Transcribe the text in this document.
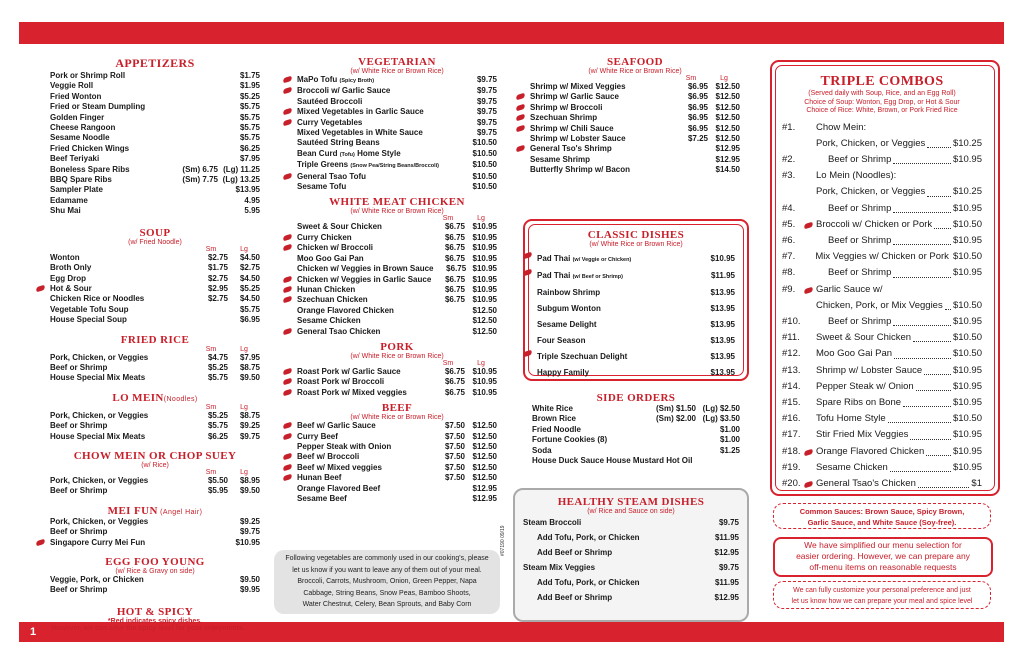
1
APPETIZERS
Pork or Shrimp Roll	$1.75
Veggie Roll	$1.95
Fried Wonton	$5.25
Fried or Steam Dumpling	$5.75
Golden Finger	$5.75
Cheese Rangoon	$5.75
Sesame Noodle	$5.75
Fried Chicken Wings	$6.25
Beef Teriyaki	$7.95
Boneless Spare Ribs	(Sm) 6.75 (Lg) 11.25
BBQ Spare Ribs	(Sm) 7.75 (Lg) 13.25
Sampler Plate	$13.95
Edamame	4.95
Shu Mai	5.95
SOUP
(w/ Fried Noodle)
Sm	Lg
Wonton	$2.75	$4.50
Broth Only	$1.75	$2.75
Egg Drop	$2.75	$4.50
Hot & Sour	$2.95	$5.25
Chicken Rice or Noodles	$2.75	$4.50
Vegetable Tofu Soup	$5.75
House Special Soup	$6.95
FRIED RICE
Sm	Lg
Pork, Chicken, or Veggies	$4.75	$7.95
Beef or Shrimp	$5.25	$8.75
House Special Mix Meats	$5.75	$9.50
LO MEIN(Noodles)
Sm	Lg
Pork, Chicken, or Veggies	$5.25	$8.75
Beef or Shrimp	$5.75	$9.25
House Special Mix Meats	$6.25	$9.75
CHOW MEIN OR CHOP SUEY
(w/ Rice)
Sm	Lg
Pork, Chicken, or Veggies	$5.50	$8.95
Beef or Shrimp	$5.95	$9.50
MEI FUN (Angel Hair)
Pork, Chicken, or Veggies	$9.25
Beef or Shrimp	$9.75
Singapore Curry Mei Fun	$10.95
EGG FOO YOUNG
(w/ Rice & Gravy on side)
Veggie, Pork, or Chicken	$9.50
Beef or Shrimp	$9.95
HOT & SPICY
*Red indicates spicy dishes.
However, we can alter the spicy level for your enjoyments.
VEGETARIAN
(w/ White Rice or Brown Rice)
MaPo Tofu (Spicy Broth)	$9.75
Broccoli w/ Garlic Sauce	$9.75
Sautéed Broccoli	$9.75
Mixed Vegetables in Garlic Sauce	$9.75
Curry Vegetables	$9.75
Mixed Vegetables in White Sauce	$9.75
Sautéed String Beans	$10.50
Bean Curd (Tofu) Home Style	$10.50
Triple Greens (Snow Pea/String Beans/Broccoli)	$10.50
General Tsao Tofu	$10.50
Sesame Tofu	$10.50
WHITE MEAT CHICKEN
(w/ White Rice or Brown Rice)
Sm	Lg
Sweet & Sour Chicken	$6.75 $10.95
Curry Chicken	$6.75 $10.95
Chicken w/ Broccoli	$6.75 $10.95
Moo Goo Gai Pan	$6.75 $10.95
Chicken w/ Veggies in Brown Sauce	$6.75 $10.95
Chicken w/ Veggies in Garlic Sauce	$6.75 $10.95
Hunan Chicken	$6.75 $10.95
Szechuan Chicken	$6.75 $10.95
Orange Flavored Chicken	$12.50
Sesame Chicken	$12.50
General Tsao Chicken	$12.50
PORK
(w/ White Rice or Brown Rice)
Sm	Lg
Roast Pork w/ Garlic Sauce	$6.75 $10.95
Roast Pork w/ Broccoli	$6.75 $10.95
Roast Pork w/ Mixed veggies	$6.75 $10.95
BEEF
(w/ White Rice or Brown Rice)
Beef w/ Garlic Sauce	$7.50 $12.50
Curry Beef	$7.50 $12.50
Pepper Steak with Onion	$7.50 $12.50
Beef w/ Broccoli	$7.50 $12.50
Beef w/ Mixed veggies	$7.50 $12.50
Hunan Beef	$7.50 $12.50
Orange Flavored Beef	$12.95
Sesame Beef	$12.95
Following vegetables are commonly used in our cooking's, please
let us know if you want to leave any of them out of your meal.
Broccoli, Carrots, Mushroom, Onion, Green Pepper, Napa
Cabbage, String Beans, Snow Peas, Bamboo Shoots,
Water Chestnut, Celery, Bean Sprouts, and Baby Corn
SEAFOOD
(w/ White Rice or Brown Rice)
Sm	Lg
Shrimp w/ Mixed Veggies	$6.95 $12.50
Shrimp w/ Garlic Sauce	$6.95 $12.50
Shrimp w/ Broccoli	$6.95 $12.50
Szechuan Shrimp	$6.95 $12.50
Shrimp w/ Chili Sauce	$6.95 $12.50
Shrimp w/ Lobster Sauce	$7.25 $12.50
General Tso's Shrimp	$12.95
Sesame Shrimp	$12.95
Butterfly Shrimp w/ Bacon	$14.50
CLASSIC DISHES
(w/ White Rice or Brown Rice)
Pad Thai (w/ Veggie or Chicken)	$10.95
Pad Thai (w/ Beef or Shrimp)	$11.95
Rainbow Shrimp	$13.95
Subgum Wonton	$13.95
Sesame Delight	$13.95
Four Season	$13.95
Triple Szechuan Delight	$13.95
Happy Family	$13.95
SIDE ORDERS
White Rice	(Sm) $1.50 (Lg) $2.50
Brown Rice	(Sm) $2.00 (Lg) $3.50
Fried Noodle	$1.00
Fortune Cookies (8)	$1.00
Soda	$1.25
House Duck Sauce House Mustard Hot Oil
HEALTHY STEAM DISHES
(w/ Rice and Sauce on side)
Steam Broccoli	$9.75
Add Tofu, Pork, or Chicken	$11.95
Add Beef or Shrimp	$12.95
Steam Mix Veggies	$9.75
Add Tofu, Pork, or Chicken	$11.95
Add Beef or Shrimp	$12.95
#07190 09/19
TRIPLE COMBOS
(Served daily with Soup, Rice, and an Egg Roll)
Choice of Soup: Wonton, Egg Drop, or Hot & Sour
Choice of Rice: White, Brown, or Pork Fried Rice
#1.	Chow Mein:
Pork, Chicken, or Veggies	$10.25
#2.	Beef or Shrimp	$10.95
#3.	Lo Mein (Noodles):
Pork, Chicken, or Veggies	$10.25
#4.	Beef or Shrimp	$10.95
#5.	Broccoli w/ Chicken or Pork $10.50
#6.	Beef or Shrimp	$10.95
#7.	Mix Veggies w/ Chicken or Pork $10.50
#8.	Beef or Shrimp	$10.95
#9.	Garlic Sauce w/
Chicken, Pork, or Mix Veggies $10.50
#10.	Beef or Shrimp	$10.95
#11.	Sweet & Sour Chicken	$10.50
#12.	Moo Goo Gai Pan	$10.50
#13.	Shrimp w/ Lobster Sauce	$10.95
#14.	Pepper Steak w/ Onion	$10.95
#15.	Spare Ribs on Bone	$10.95
#16.	Tofu Home Style	$10.50
#17.	Stir Fried Mix Veggies	$10.95
#18.	Orange Flavored Chicken	$10.95
#19.	Sesame Chicken	$10.95
#20.	General Tsao's Chicken	$1
Common Sauces: Brown Sauce, Spicy Brown,
Garlic Sauce, and White Sauce (Soy-free).
We have simplified our menu selection for
easier ordering. However, we can prepare any
off-menu items on reasonable requests
We can fully customize your personal preference and just
let us know how we can prepare your meal and spice level
